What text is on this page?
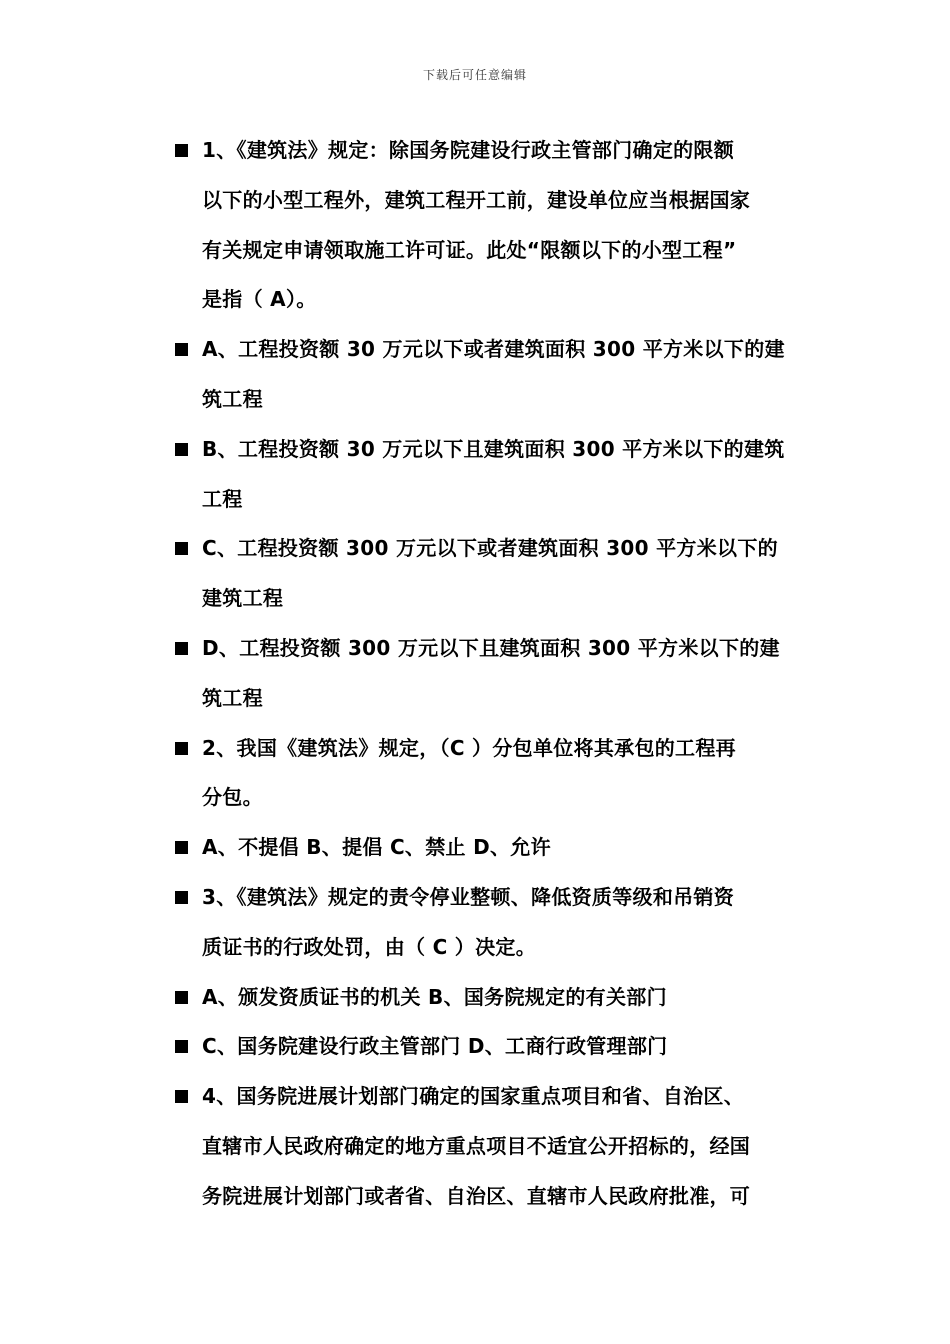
下载后可任意编辑
1、《建筑法》规定：除国务院建设行政主管部门确定的限额
以下的小型工程外，建筑工程开工前，建设单位应当根据国家
有关规定申请领取施工许可证。此处“限额以下的小型工程”
是指（ A）。
A、工程投资额 30 万元以下或者建筑面积 300 平方米以下的建
筑工程
B、工程投资额 30 万元以下且建筑面积 300 平方米以下的建筑
工程
C、工程投资额 300 万元以下或者建筑面积 300 平方米以下的
建筑工程
D、工程投资额 300 万元以下且建筑面积 300 平方米以下的建
筑工程
2、我国《建筑法》规定，（C ）分包单位将其承包的工程再
分包。
A、不提倡 B、提倡 C、禁止 D、允许
3、《建筑法》规定的责令停业整顿、降低资质等级和吊销资
质证书的行政处罚，由（ C ）决定。
A、颁发资质证书的机关 B、国务院规定的有关部门
C、国务院建设行政主管部门 D、工商行政管理部门
4、国务院进展计划部门确定的国家重点项目和省、自治区、
直辖市人民政府确定的地方重点项目不适宜公开招标的，经国
务院进展计划部门或者省、自治区、直辖市人民政府批准，可
